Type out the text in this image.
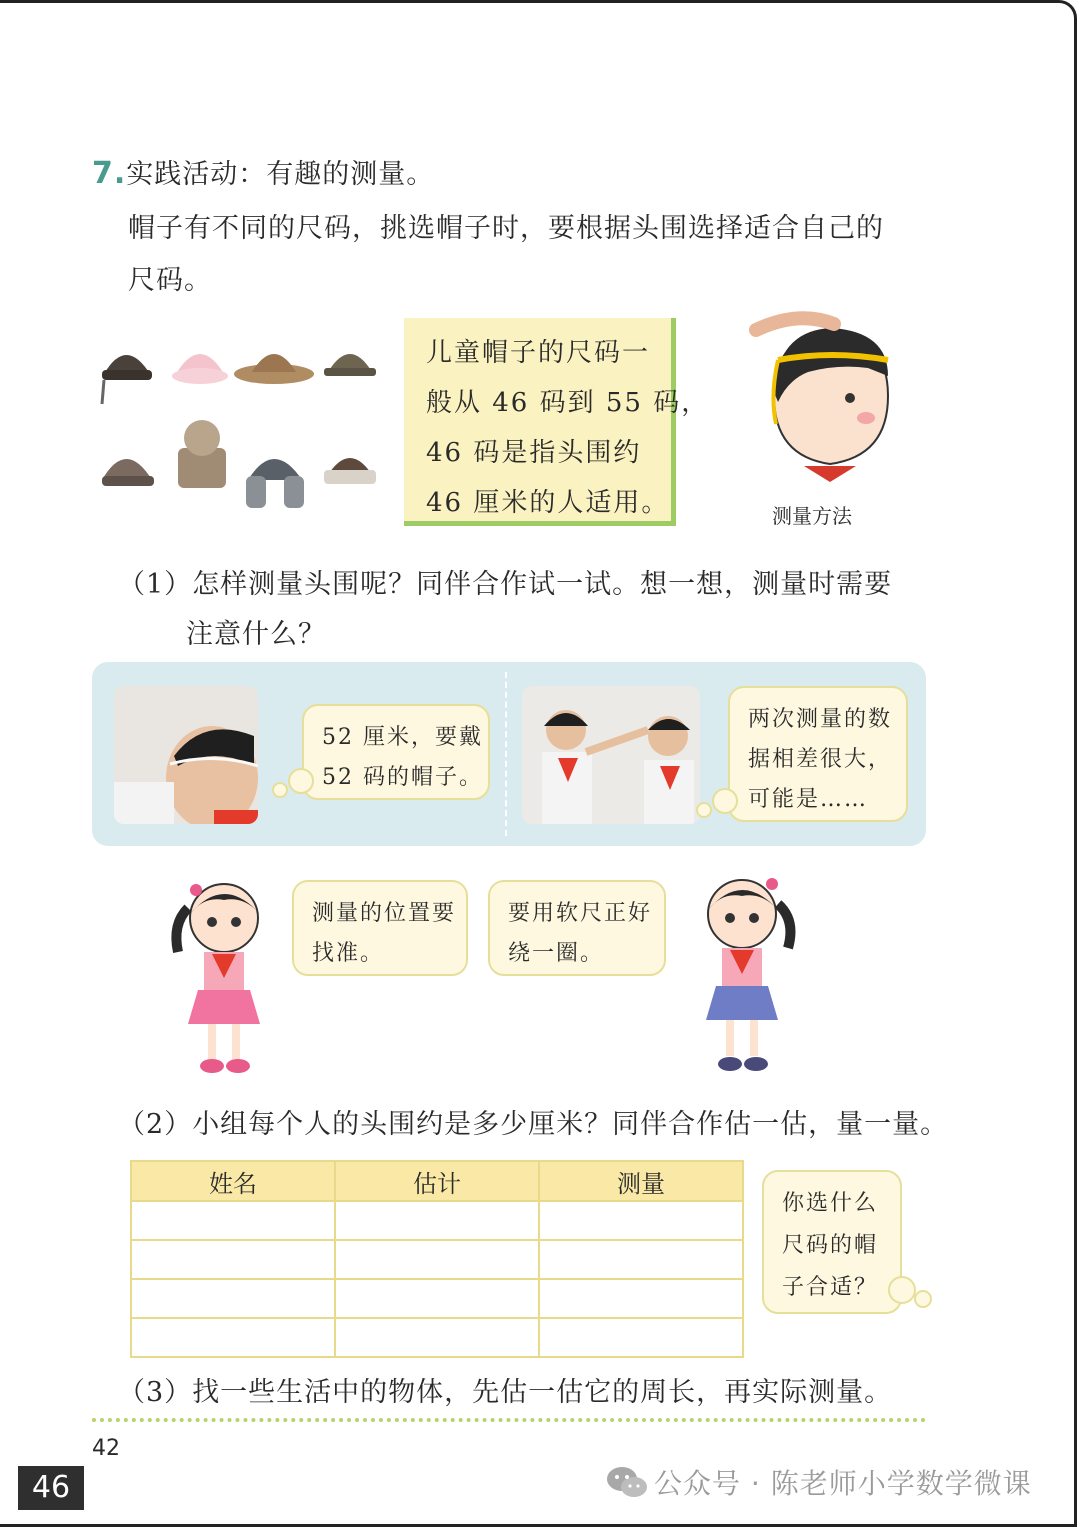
7.实践活动：有趣的测量。
帽子有不同的尺码，挑选帽子时，要根据头围选择适合自己的
尺码。
儿童帽子的尺码一
般从 46 码到 55 码，
46 码是指头围约
46 厘米的人适用。	测量方法
（1）怎样测量头围呢？同伴合作试一试。想一想，测量时需要
注意什么？
52 厘米，要戴
52 码的帽子。
两次测量的数
据相差很大，
可能是……
测量的位置要
找准。
要用软尺正好
绕一圈。
（2）小组每个人的头围约是多少厘米？同伴合作估一估，量一量。
姓名	估计	测量

你选什么
尺码的帽
子合适？
（3）找一些生活中的物体，先估一估它的周长，再实际测量。
42
46	公众号 · 陈老师小学数学微课
